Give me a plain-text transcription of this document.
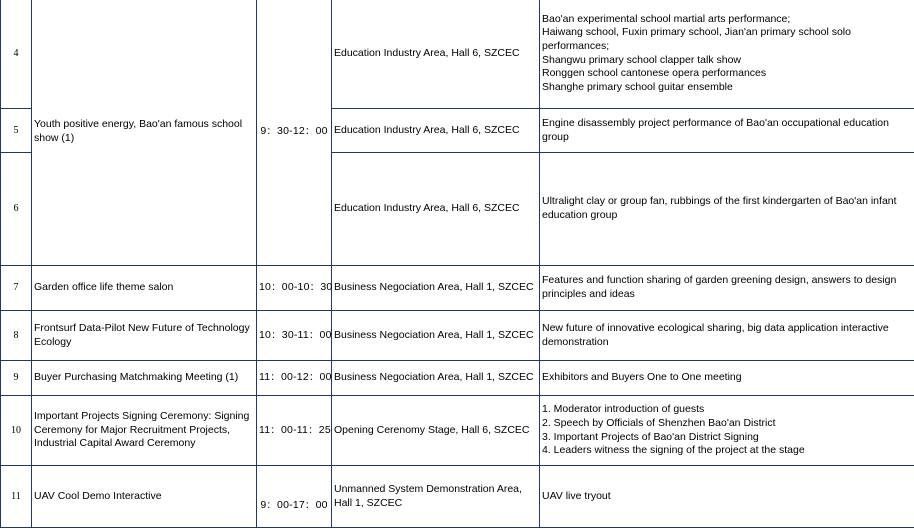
4	Youth positive energy, Bao'an famous school show (1)	9：30-12：00	Education Industry Area, Hall 6, SZCEC	Bao'an experimental school martial arts performance;
Haiwang school, Fuxin primary school, Jian'an primary school solo performances;
Shangwu primary school clapper talk show
Ronggen school cantonese opera performances
Shanghe primary school guitar ensemble
5			Education Industry Area, Hall 6, SZCEC	Engine disassembly project performance of Bao'an occupational education group
6			Education Industry Area, Hall 6, SZCEC	Ultralight clay or group fan, rubbings of the first kindergarten of Bao'an infant education group
7	Garden office life theme salon	10：00-10：30	Business Negociation Area, Hall 1, SZCEC	Features and function sharing of garden greening design, answers to design principles and ideas
8	Frontsurf Data-Pilot New Future of Technology Ecology	10：30-11：00	Business Negociation Area, Hall 1, SZCEC	New future of innovative ecological sharing, big data application interactive demonstration
9	Buyer Purchasing Matchmaking Meeting (1)	11：00-12：00	Business Negociation Area, Hall 1, SZCEC	Exhibitors and Buyers One to One meeting
10	Important Projects Signing Ceremony: Signing Ceremony for Major Recruitment Projects, Industrial Capital Award Ceremony	11：00-11：25	Opening Cerenomy Stage, Hall 6, SZCEC	1. Moderator introduction of guests
2. Speech by Officials of Shenzhen Bao'an District
3. Important Projects of Bao'an District Signing
4. Leaders witness the signing of the project at the stage
11	UAV Cool Demo Interactive	9：00-17：00	Unmanned System Demonstration Area, Hall 1, SZCEC	UAV live tryout
